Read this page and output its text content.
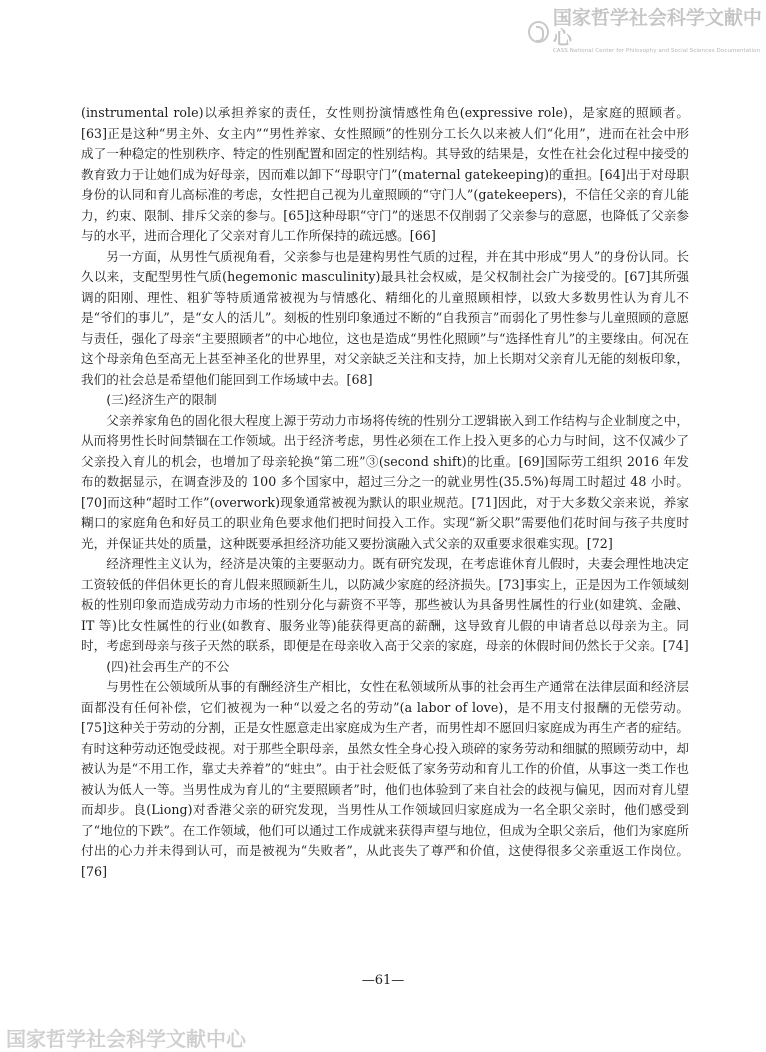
国家哲学社会科学文献中心
CASS National Center for Philosophy and Social Sciences Documentation

(instrumental role)以承担养家的责任，女性则扮演情感性角色(expressive role)，是家庭的照顾者。[63]正是这种“男主外、女主内”“男性养家、女性照顾”的性别分工长久以来被人们“化用”，进而在社会中形成了一种稳定的性别秩序、特定的性别配置和固定的性别结构。其导致的结果是，女性在社会化过程中接受的教育致力于让她们成为好母亲，因而难以卸下“母职守门”(maternal gatekeeping)的重担。[64]出于对母职身份的认同和育儿高标准的考虑，女性把自己视为儿童照顾的“守门人”(gatekeepers)，不信任父亲的育儿能力，约束、限制、排斥父亲的参与。[65]这种母职“守门”的迷思不仅削弱了父亲参与的意愿，也降低了父亲参与的水平，进而合理化了父亲对育儿工作所保持的疏远感。[66]

另一方面，从男性气质视角看，父亲参与也是建构男性气质的过程，并在其中形成“男人”的身份认同。长久以来，支配型男性气质(hegemonic masculinity)最具社会权威，是父权制社会广为接受的。[67]其所强调的阳刚、理性、粗犷等特质通常被视为与情感化、精细化的儿童照顾相悖，以致大多数男性认为育儿不是“爷们的事儿”，是“女人的活儿”。刻板的性别印象通过不断的“自我预言”而弱化了男性参与儿童照顾的意愿与责任，强化了母亲“主要照顾者”的中心地位，这也是造成“男性化照顾”与“选择性育儿”的主要缘由。何况在这个母亲角色至高无上甚至神圣化的世界里，对父亲缺乏关注和支持，加上长期对父亲育儿无能的刻板印象，我们的社会总是希望他们能回到工作场域中去。[68]

(三)经济生产的限制

父亲养家角色的固化很大程度上源于劳动力市场将传统的性别分工逻辑嵌入到工作结构与企业制度之中，从而将男性长时间禁锢在工作领域。出于经济考虑，男性必须在工作上投入更多的心力与时间，这不仅减少了父亲投入育儿的机会，也增加了母亲轮换“第二班”③(second shift)的比重。[69]国际劳工组织 2016 年发布的数据显示，在调查涉及的 100 多个国家中，超过三分之一的就业男性(35.5%)每周工时超过 48 小时。[70]而这种“超时工作”(overwork)现象通常被视为默认的职业规范。[71]因此，对于大多数父亲来说，养家糊口的家庭角色和好员工的职业角色要求他们把时间投入工作。实现“新父职”需要他们花时间与孩子共度时光，并保证共处的质量，这种既要承担经济功能又要扮演融入式父亲的双重要求很难实现。[72]

经济理性主义认为，经济是决策的主要驱动力。既有研究发现，在考虑谁休育儿假时，夫妻会理性地决定工资较低的伴侣休更长的育儿假来照顾新生儿，以防减少家庭的经济损失。[73]事实上，正是因为工作领域刻板的性别印象而造成劳动力市场的性别分化与薪资不平等，那些被认为具备男性属性的行业(如建筑、金融、IT 等)比女性属性的行业(如教育、服务业等)能获得更高的薪酬，这导致育儿假的申请者总以母亲为主。同时，考虑到母亲与孩子天然的联系，即便是在母亲收入高于父亲的家庭，母亲的休假时间仍然长于父亲。[74]

(四)社会再生产的不公

与男性在公领域所从事的有酬经济生产相比，女性在私领域所从事的社会再生产通常在法律层面和经济层面都没有任何补偿，它们被视为一种“以爱之名的劳动”(a labor of love)，是不用支付报酬的无偿劳动。[75]这种关于劳动的分割，正是女性愿意走出家庭成为生产者，而男性却不愿回归家庭成为再生产者的症结。有时这种劳动还饱受歧视。对于那些全职母亲，虽然女性全身心投入琐碎的家务劳动和细腻的照顾劳动中，却被认为是“不用工作，靠丈夫养着”的“蛀虫”。由于社会贬低了家务劳动和育儿工作的价值，从事这一类工作也被认为低人一等。当男性成为育儿的“主要照顾者”时，他们也体验到了来自社会的歧视与偏见，因而对育儿望而却步。良(Liong)对香港父亲的研究发现，当男性从工作领域回归家庭成为一名全职父亲时，他们感受到了“地位的下跌”。在工作领域，他们可以通过工作成就来获得声望与地位，但成为全职父亲后，他们为家庭所付出的心力并未得到认可，而是被视为“失败者”，从此丧失了尊严和价值，这使得很多父亲重返工作岗位。[76]

—61—
国家哲学社会科学文献中心
